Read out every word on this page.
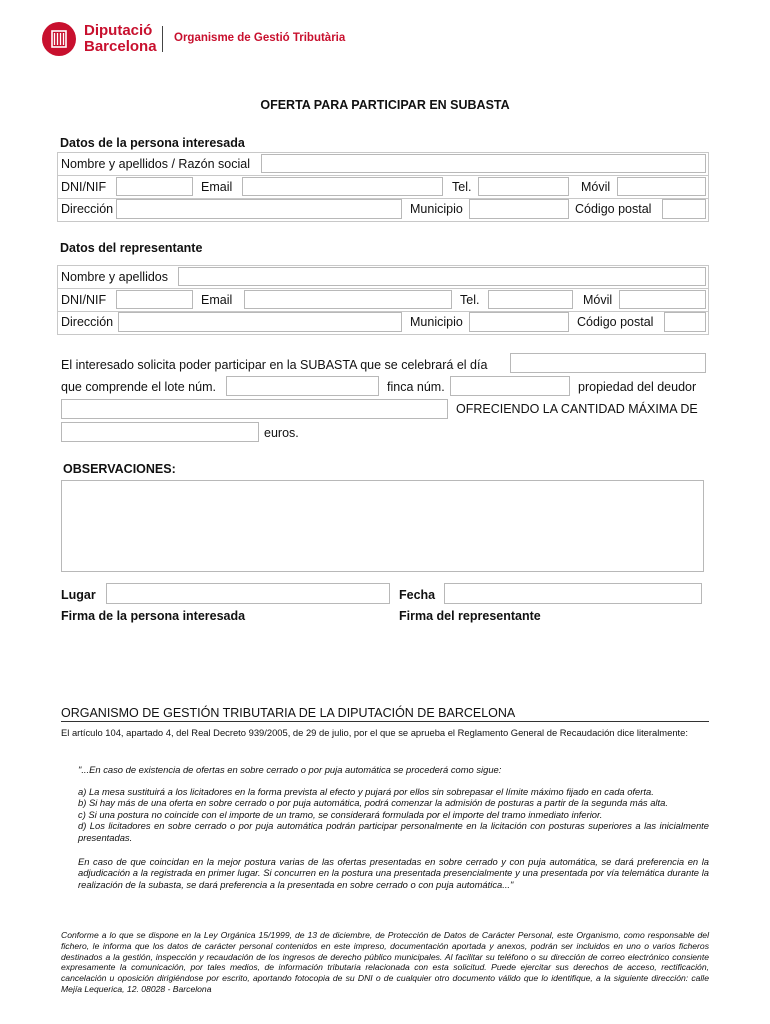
Diputació
Barcelona Organisme de Gestió Tributària
OFERTA PARA PARTICIPAR EN SUBASTA
Datos de la persona interesada
Nombre y apellidos / Razón social
DNI/NIF	Email	Tel.	Móvil
Dirección	Municipio	Código postal
Datos del representante
Nombre y apellidos
DNI/NIF	Email	Tel.	Móvil
Dirección	Municipio	Código postal
El interesado solicita poder participar en la SUBASTA que se celebrará el día
que comprende el lote núm.	finca núm.	propiedad del deudor
OFRECIENDO LA CANTIDAD MÁXIMA DE
euros.
OBSERVACIONES:
Lugar	Fecha
Firma de la persona interesada	Firma del representante
ORGANISMO DE GESTIÓN TRIBUTARIA DE LA DIPUTACIÓN DE BARCELONA

El artículo 104, apartado 4, del Real Decreto 939/2005, de 29 de julio, por el que se aprueba el Reglamento General de Recaudación dice literalmente:

"...En caso de existencia de ofertas en sobre cerrado o por puja automática se procederá como sigue:

a) La mesa sustituirá a los licitadores en la forma prevista al efecto y pujará por ellos sin sobrepasar el límite máximo fijado en cada oferta.

b) Si hay más de una oferta en sobre cerrado o por puja automática, podrá comenzar la admisión de posturas a partir de la segunda más alta.

c) Si una postura no coincide con el importe de un tramo, se considerará formulada por el importe del tramo inmediato inferior.

d) Los licitadores en sobre cerrado o por puja automática podrán participar personalmente en la licitación con posturas superiores a las inicialmente presentadas.

En caso de que coincidan en la mejor postura varias de las ofertas presentadas en sobre cerrado y con puja automática, se dará preferencia en la adjudicación a la registrada en primer lugar. Si concurren en la postura una presentada presencialmente y una presentada por vía telemática durante la realización de la subasta, se dará preferencia a la presentada en sobre cerrado o con puja automática..."

Conforme a lo que se dispone en la Ley Orgánica 15/1999, de 13 de diciembre, de Protección de Datos de Carácter Personal, este Organismo, como responsable del fichero, le informa que los datos de carácter personal contenidos en este impreso, documentación aportada y anexos, podrán ser incluidos en uno o varios ficheros destinados a la gestión, inspección y recaudación de los ingresos de derecho público municipales. Al facilitar su teléfono o su dirección de correo electrónico consiente expresamente la comunicación, por tales medios, de información tributaria relacionada con esta solicitud. Puede ejercitar sus derechos de acceso, rectificación, cancelación u oposición dirigiéndose por escrito, aportando fotocopia de su DNI o de cualquier otro documento válido que lo identifique, a la siguiente dirección: calle Mejía Lequerica, 12. 08028 - Barcelona
